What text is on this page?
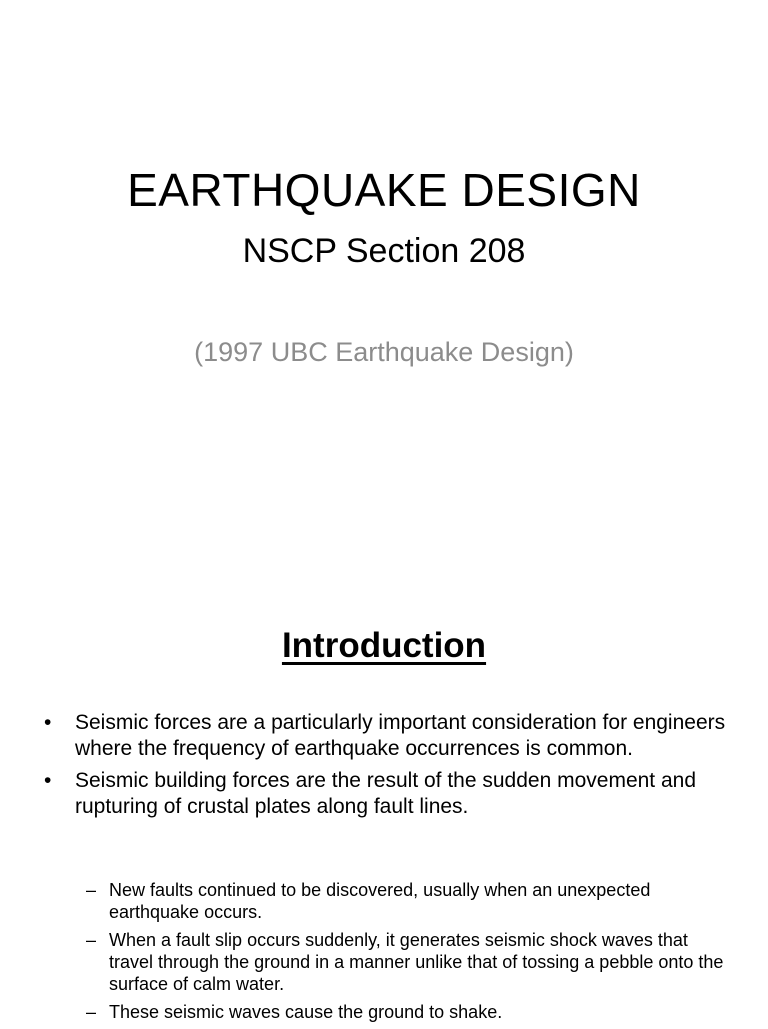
EARTHQUAKE DESIGN
NSCP Section 208
(1997 UBC Earthquake Design)
Introduction
• Seismic forces are a particularly important consideration for engineers where the frequency of earthquake occurrences is common.
• Seismic building forces are the result of the sudden movement and rupturing of crustal plates along fault lines.
– New faults continued to be discovered, usually when an unexpected earthquake occurs.
– When a fault slip occurs suddenly, it generates seismic shock waves that travel through the ground in a manner unlike that of tossing a pebble onto the surface of calm water.
– These seismic waves cause the ground to shake.
